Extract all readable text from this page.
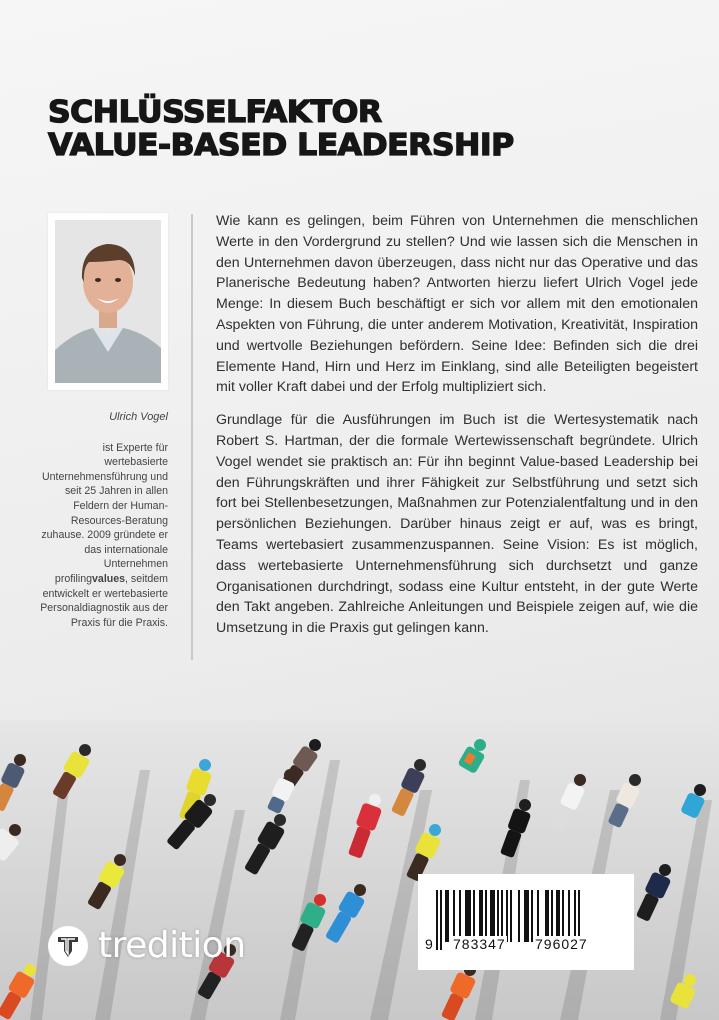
SCHLÜSSELFAKTOR
VALUE-BASED LEADERSHIP
Ulrich Vogel
ist Experte für wertebasierte Unternehmensführung und seit 25 Jahren in allen Feldern der Human-Resources-Beratung zuhause. 2009 gründete er das internationale Unternehmen profilingvalues, seitdem entwickelt er wertebasierte Personaldiagnostik aus der Praxis für die Praxis.

Wie kann es gelingen, beim Führen von Unternehmen die menschlichen Werte in den Vordergrund zu stellen? Und wie lassen sich die Menschen in den Unternehmen davon überzeugen, dass nicht nur das Operative und das Planerische Bedeutung haben? Antworten hierzu liefert Ulrich Vogel jede Menge: In diesem Buch beschäftigt er sich vor allem mit den emotionalen Aspekten von Führung, die unter anderem Motivation, Kreativität, Inspiration und wertvolle Beziehungen befördern. Seine Idee: Befinden sich die drei Elemente Hand, Hirn und Herz im Einklang, sind alle Beteiligten begeistert mit voller Kraft dabei und der Erfolg multipliziert sich.

Grundlage für die Ausführungen im Buch ist die Wertesystematik nach Robert S. Hartman, der die formale Wertewissenschaft begründete. Ulrich Vogel wendet sie praktisch an: Für ihn beginnt Value-based Leadership bei den Führungskräften und ihrer Fähigkeit zur Selbstführung und setzt sich fort bei Stellenbesetzungen, Maßnahmen zur Potenzialentfaltung und in den persönlichen Beziehungen. Darüber hinaus zeigt er auf, was es bringt, Teams wertebasiert zusammenzuspannen. Seine Vision: Es ist möglich, dass wertebasierte Unternehmensführung sich durchsetzt und ganze Organisationen durchdringt, sodass eine Kultur entsteht, in der gute Werte den Takt angeben. Zahlreiche Anleitungen und Beispiele zeigen auf, wie die Umsetzung in die Praxis gut gelingen kann.

tredition	9 783347 796027
